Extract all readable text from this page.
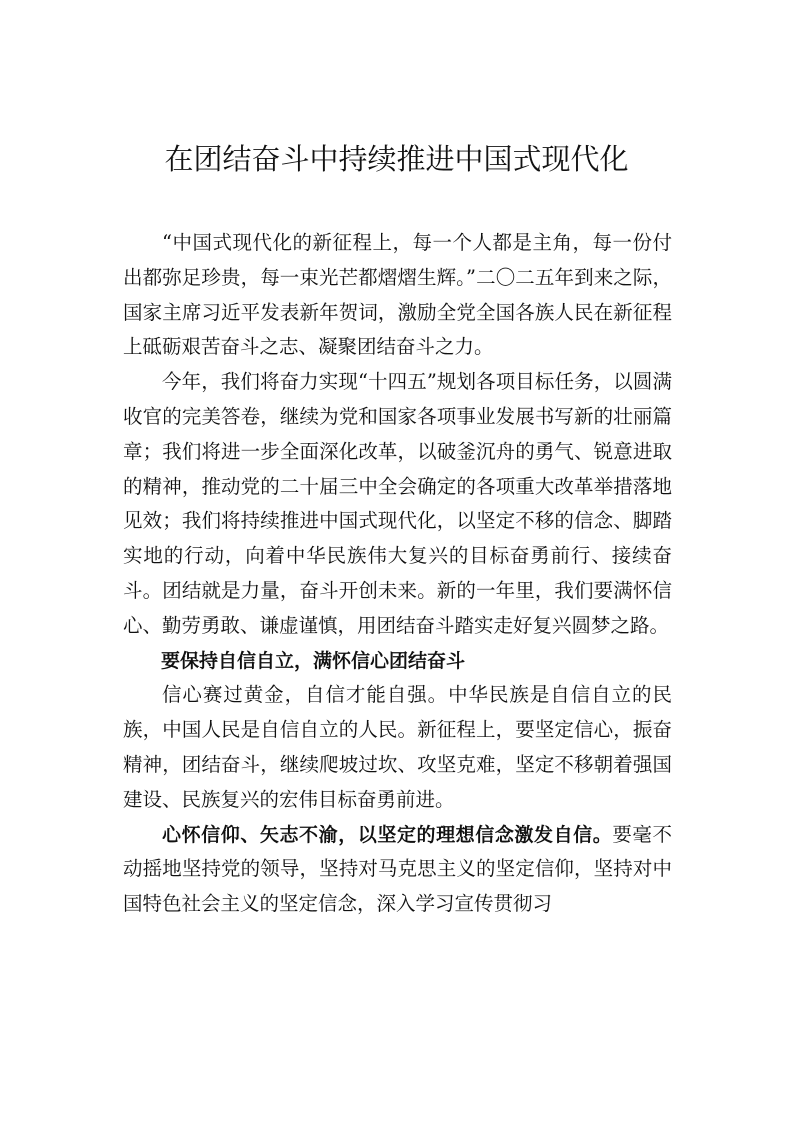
在团结奋斗中持续推进中国式现代化

“中国式现代化的新征程上，每一个人都是主角，每一份付出都弥足珍贵，每一束光芒都熠熠生辉。”二〇二五年到来之际，国家主席习近平发表新年贺词，激励全党全国各族人民在新征程上砥砺艰苦奋斗之志、凝聚团结奋斗之力。

今年，我们将奋力实现“十四五”规划各项目标任务，以圆满收官的完美答卷，继续为党和国家各项事业发展书写新的壮丽篇章；我们将进一步全面深化改革，以破釜沉舟的勇气、锐意进取的精神，推动党的二十届三中全会确定的各项重大改革举措落地见效；我们将持续推进中国式现代化，以坚定不移的信念、脚踏实地的行动，向着中华民族伟大复兴的目标奋勇前行、接续奋斗。团结就是力量，奋斗开创未来。新的一年里，我们要满怀信心、勤劳勇敢、谦虚谨慎，用团结奋斗踏实走好复兴圆梦之路。

要保持自信自立，满怀信心团结奋斗

信心赛过黄金，自信才能自强。中华民族是自信自立的民族，中国人民是自信自立的人民。新征程上，要坚定信心，振奋精神，团结奋斗，继续爬坡过坎、攻坚克难，坚定不移朝着强国建设、民族复兴的宏伟目标奋勇前进。

心怀信仰、矢志不渝，以坚定的理想信念激发自信。要毫不动摇地坚持党的领导，坚持对马克思主义的坚定信仰，坚持对中国特色社会主义的坚定信念，深入学习宣传贯彻习
